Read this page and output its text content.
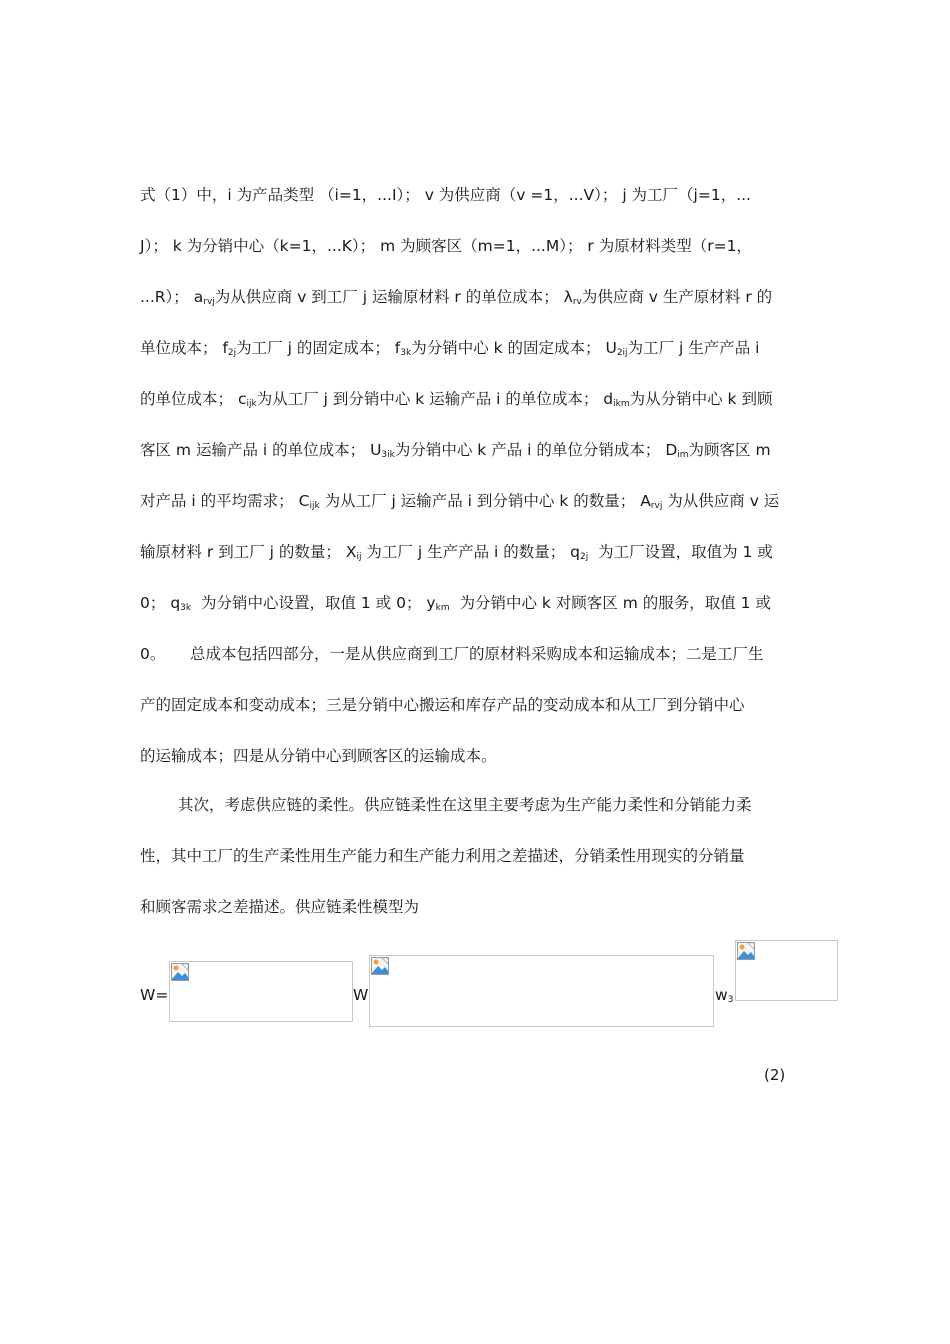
式（1）中，i 为产品类型 （i=1，...I）； v 为供应商（v =1，...V）； j 为工厂（j=1，...
J）； k 为分销中心（k=1，...K）； m 为顾客区（m=1，...M）； r 为原材料类型（r=1，
...R）； $a_{rvj}$为从供应商 v 到工厂 j 运输原材料 r 的单位成本； $\lambda_{rv}$为供应商 v 生产原材料 r 的
单位成本； $f_{2j}$为工厂 j 的固定成本； $f_{3k}$为分销中心 k 的固定成本； $U_{2ij}$为工厂 j 生产产品 i
的单位成本； $c_{ijk}$为从工厂 j 到分销中心 k 运输产品 i 的单位成本； $d_{ikm}$为从分销中心 k 到顾
客区 m 运输产品 i 的单位成本； $U_{3ik}$为分销中心 k 产品 i 的单位分销成本； $D_{im}$为顾客区 m
对产品 i 的平均需求； $C_{ijk}$ 为从工厂 j 运输产品 i 到分销中心 k 的数量； $A_{rvj}$ 为从供应商 v 运
输原材料 r 到工厂 j 的数量； $X_{ij}$ 为工厂 j 生产产品 i 的数量； $q_{2j}$ 为工厂设置，取值为 1 或
0； $q_{3k}$ 为分销中心设置，取值 1 或 0； $y_{km}$ 为分销中心 k 对顾客区 m 的服务，取值 1 或
0。     总成本包括四部分，一是从供应商到工厂的原材料采购成本和运输成本；二是工厂生
产的固定成本和变动成本；三是分销中心搬运和库存产品的变动成本和从工厂到分销中心
的运输成本；四是从分销中心到顾客区的运输成本。
其次，考虑供应链的柔性。供应链柔性在这里主要考虑为生产能力柔性和分销能力柔
性，其中工厂的生产柔性用生产能力和生产能力利用之差描述，分销柔性用现实的分销量
和顾客需求之差描述。供应链柔性模型为
W=	W	$w_3$
(2)
